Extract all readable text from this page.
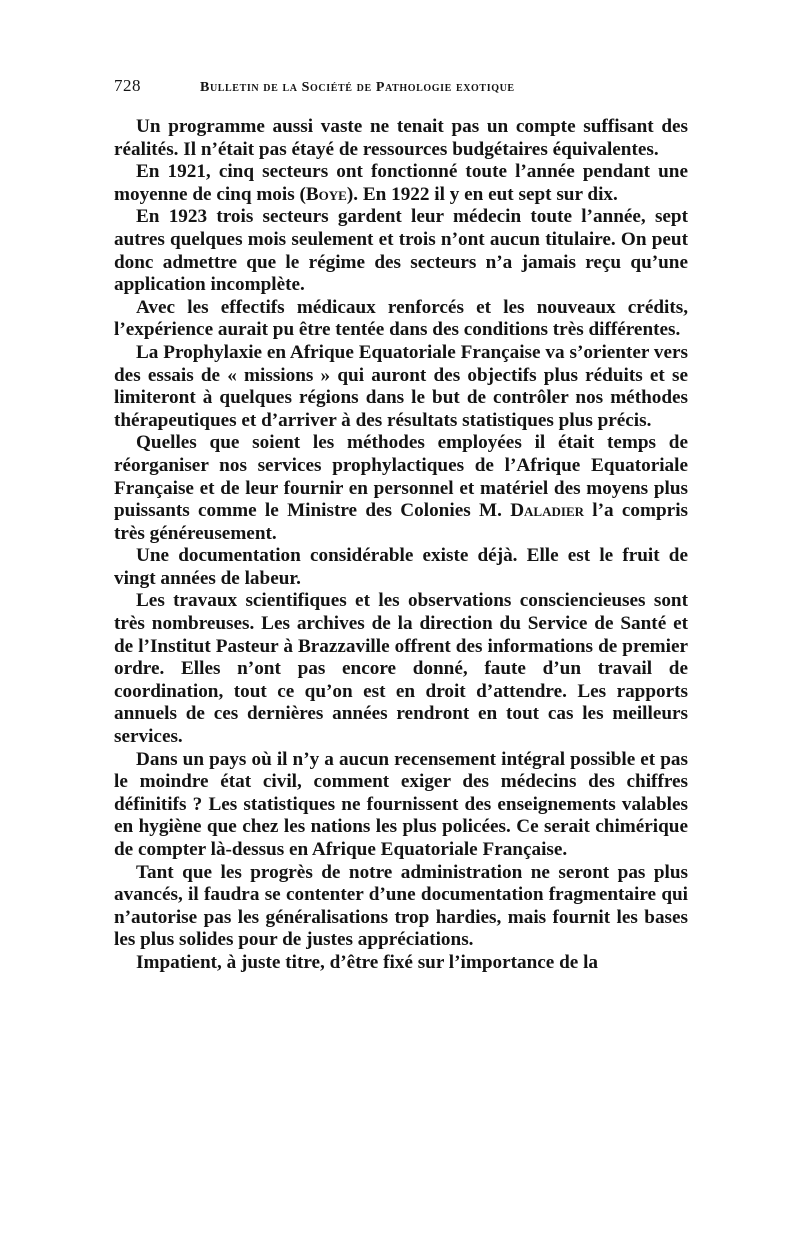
728	Bulletin de la Société de Pathologie exotique

Un programme aussi vaste ne tenait pas un compte suffisant des réalités. Il n’était pas étayé de ressources budgétaires équivalentes.

En 1921, cinq secteurs ont fonctionné toute l’année pendant une moyenne de cinq mois (Boye). En 1922 il y en eut sept sur dix.

En 1923 trois secteurs gardent leur médecin toute l’année, sept autres quelques mois seulement et trois n’ont aucun titulaire. On peut donc admettre que le régime des secteurs n’a jamais reçu qu’une application incomplète.

Avec les effectifs médicaux renforcés et les nouveaux crédits, l’expérience aurait pu être tentée dans des conditions très différentes.

La Prophylaxie en Afrique Equatoriale Française va s’orienter vers des essais de « missions » qui auront des objectifs plus réduits et se limiteront à quelques régions dans le but de contrôler nos méthodes thérapeutiques et d’arriver à des résultats statistiques plus précis.

Quelles que soient les méthodes employées il était temps de réorganiser nos services prophylactiques de l’Afrique Equatoriale Française et de leur fournir en personnel et matériel des moyens plus puissants comme le Ministre des Colonies M. Daladier l’a compris très généreusement.

Une documentation considérable existe déjà. Elle est le fruit de vingt années de labeur.

Les travaux scientifiques et les observations consciencieuses sont très nombreuses. Les archives de la direction du Service de Santé et de l’Institut Pasteur à Brazzaville offrent des informations de premier ordre. Elles n’ont pas encore donné, faute d’un travail de coordination, tout ce qu’on est en droit d’attendre. Les rapports annuels de ces dernières années rendront en tout cas les meilleurs services.

Dans un pays où il n’y a aucun recensement intégral possible et pas le moindre état civil, comment exiger des médecins des chiffres définitifs ? Les statistiques ne fournissent des enseignements valables en hygiène que chez les nations les plus policées. Ce serait chimérique de compter là-dessus en Afrique Equatoriale Française.

Tant que les progrès de notre administration ne seront pas plus avancés, il faudra se contenter d’une documentation fragmentaire qui n’autorise pas les généralisations trop hardies, mais fournit les bases les plus solides pour de justes appréciations.

Impatient, à juste titre, d’être fixé sur l’importance de la
